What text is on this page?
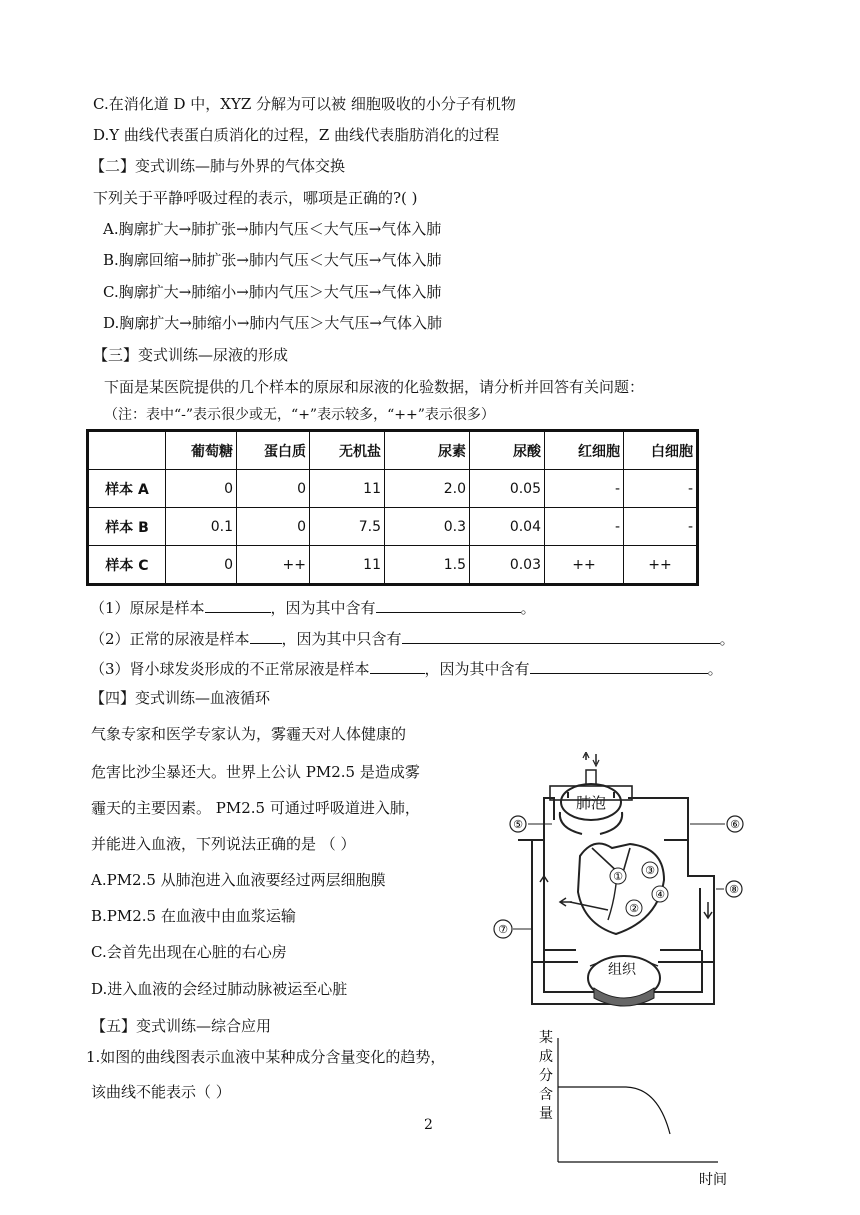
C.在消化道 D 中，XYZ 分解为可以被 细胞吸收的小分子有机物
D.Y 曲线代表蛋白质消化的过程，Z 曲线代表脂肪消化的过程
【二】变式训练—肺与外界的气体交换
下列关于平静呼吸过程的表示，哪项是正确的?( )
A.胸廓扩大→肺扩张→肺内气压＜大气压→气体入肺
B.胸廓回缩→肺扩张→肺内气压＜大气压→气体入肺
C.胸廓扩大→肺缩小→肺内气压＞大气压→气体入肺
D.胸廓扩大→肺缩小→肺内气压＞大气压→气体入肺
【三】变式训练—尿液的形成
下面是某医院提供的几个样本的原尿和尿液的化验数据，请分析并回答有关问题：
（注：表中“-”表示很少或无，“+”表示较多，“++”表示很多）
	葡萄糖	蛋白质	无机盐	尿素	尿酸	红细胞	白细胞
样本 A	0	0	11	2.0	0.05	-	-
样本 B	0.1	0	7.5	0.3	0.04	-	-
样本 C	0	++	11	1.5	0.03	++	++
（1）原尿是样本	，因为其中含有	。
（2）正常的尿液是样本 ，因为其中只含有	。
（3）肾小球发炎形成的不正常尿液是样本	，因为其中含有	。
【四】变式训练—血液循环
气象专家和医学专家认为，雾霾天对人体健康的
危害比沙尘暴还大。世界上公认 PM2.5 是造成雾
霾天的主要因素。 PM2.5 可通过呼吸道进入肺，
并能进入血液，下列说法正确的是 （ ）
A.PM2.5 从肺泡进入血液要经过两层细胞膜
B.PM2.5 在血液中由血浆运输
C.会首先出现在心脏的右心房
D.进入血液的会经过肺动脉被运至心脏
肺泡
⑤	⑥
①
②
③
④	⑧
⑦
组织
【五】变式训练—综合应用
1.如图的曲线图表示血液中某种成分含量变化的趋势，
该曲线不能表示（ ）
某
成
分
含
量
时间
2
